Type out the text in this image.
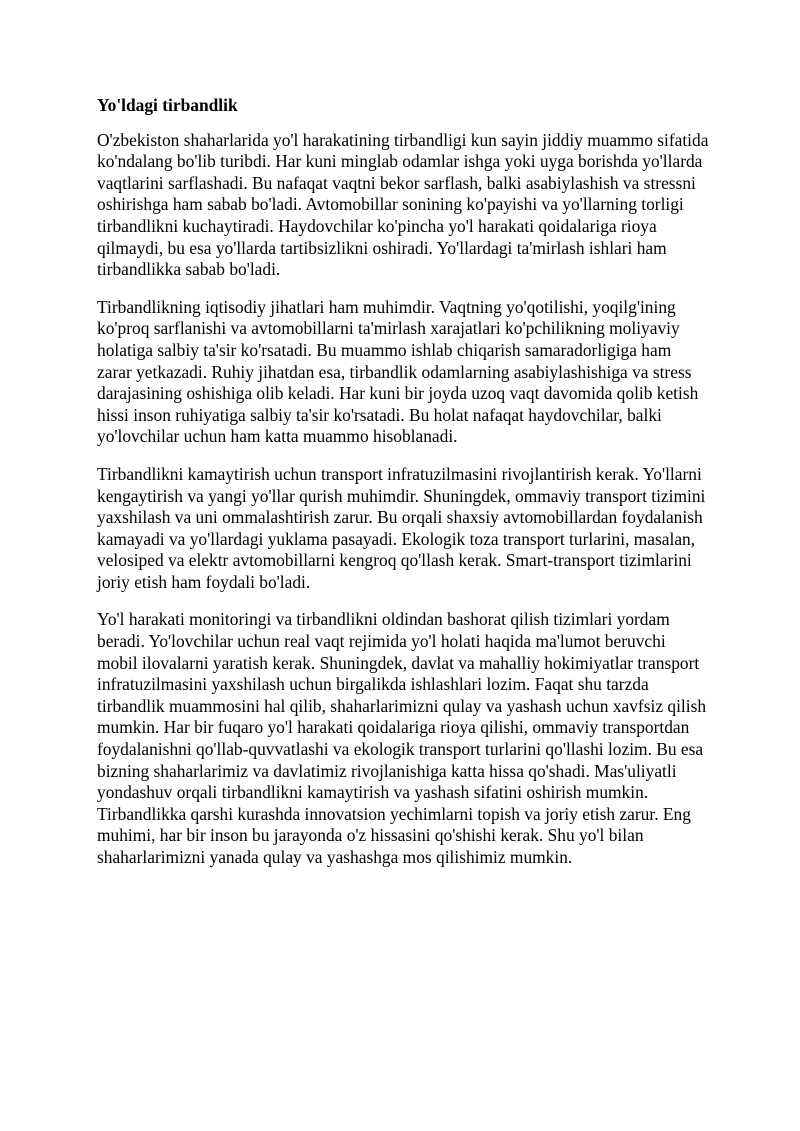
Yo'ldagi tirbandlik

O'zbekiston shaharlarida yo'l harakatining tirbandligi kun sayin jiddiy muammo sifatida ko'ndalang bo'lib turibdi. Har kuni minglab odamlar ishga yoki uyga borishda yo'llarda vaqtlarini sarflashadi. Bu nafaqat vaqtni bekor sarflash, balki asabiylashish va stressni oshirishga ham sabab bo'ladi. Avtomobillar sonining ko'payishi va yo'llarning torligi tirbandlikni kuchaytiradi. Haydovchilar ko'pincha yo'l harakati qoidalariga rioya qilmaydi, bu esa yo'llarda tartibsizlikni oshiradi. Yo'llardagi ta'mirlash ishlari ham tirbandlikka sabab bo'ladi.

Tirbandlikning iqtisodiy jihatlari ham muhimdir. Vaqtning yo'qotilishi, yoqilg'ining ko'proq sarflanishi va avtomobillarni ta'mirlash xarajatlari ko'pchilikning moliyaviy holatiga salbiy ta'sir ko'rsatadi. Bu muammo ishlab chiqarish samaradorligiga ham zarar yetkazadi. Ruhiy jihatdan esa, tirbandlik odamlarning asabiylashishiga va stress darajasining oshishiga olib keladi. Har kuni bir joyda uzoq vaqt davomida qolib ketish hissi inson ruhiyatiga salbiy ta'sir ko'rsatadi. Bu holat nafaqat haydovchilar, balki yo'lovchilar uchun ham katta muammo hisoblanadi.

Tirbandlikni kamaytirish uchun transport infratuzilmasini rivojlantirish kerak. Yo'llarni kengaytirish va yangi yo'llar qurish muhimdir. Shuningdek, ommaviy transport tizimini yaxshilash va uni ommalashtirish zarur. Bu orqali shaxsiy avtomobillardan foydalanish kamayadi va yo'llardagi yuklama pasayadi. Ekologik toza transport turlarini, masalan, velosiped va elektr avtomobillarni kengroq qo'llash kerak. Smart-transport tizimlarini joriy etish ham foydali bo'ladi.

Yo'l harakati monitoringi va tirbandlikni oldindan bashorat qilish tizimlari yordam beradi. Yo'lovchilar uchun real vaqt rejimida yo'l holati haqida ma'lumot beruvchi mobil ilovalarni yaratish kerak. Shuningdek, davlat va mahalliy hokimiyatlar transport infratuzilmasini yaxshilash uchun birgalikda ishlashlari lozim. Faqat shu tarzda tirbandlik muammosini hal qilib, shaharlarimizni qulay va yashash uchun xavfsiz qilish mumkin. Har bir fuqaro yo'l harakati qoidalariga rioya qilishi, ommaviy transportdan foydalanishni qo'llab-quvvatlashi va ekologik transport turlarini qo'llashi lozim. Bu esa bizning shaharlarimiz va davlatimiz rivojlanishiga katta hissa qo'shadi. Mas'uliyatli yondashuv orqali tirbandlikni kamaytirish va yashash sifatini oshirish mumkin. Tirbandlikka qarshi kurashda innovatsion yechimlarni topish va joriy etish zarur. Eng muhimi, har bir inson bu jarayonda o'z hissasini qo'shishi kerak. Shu yo'l bilan shaharlarimizni yanada qulay va yashashga mos qilishimiz mumkin.
